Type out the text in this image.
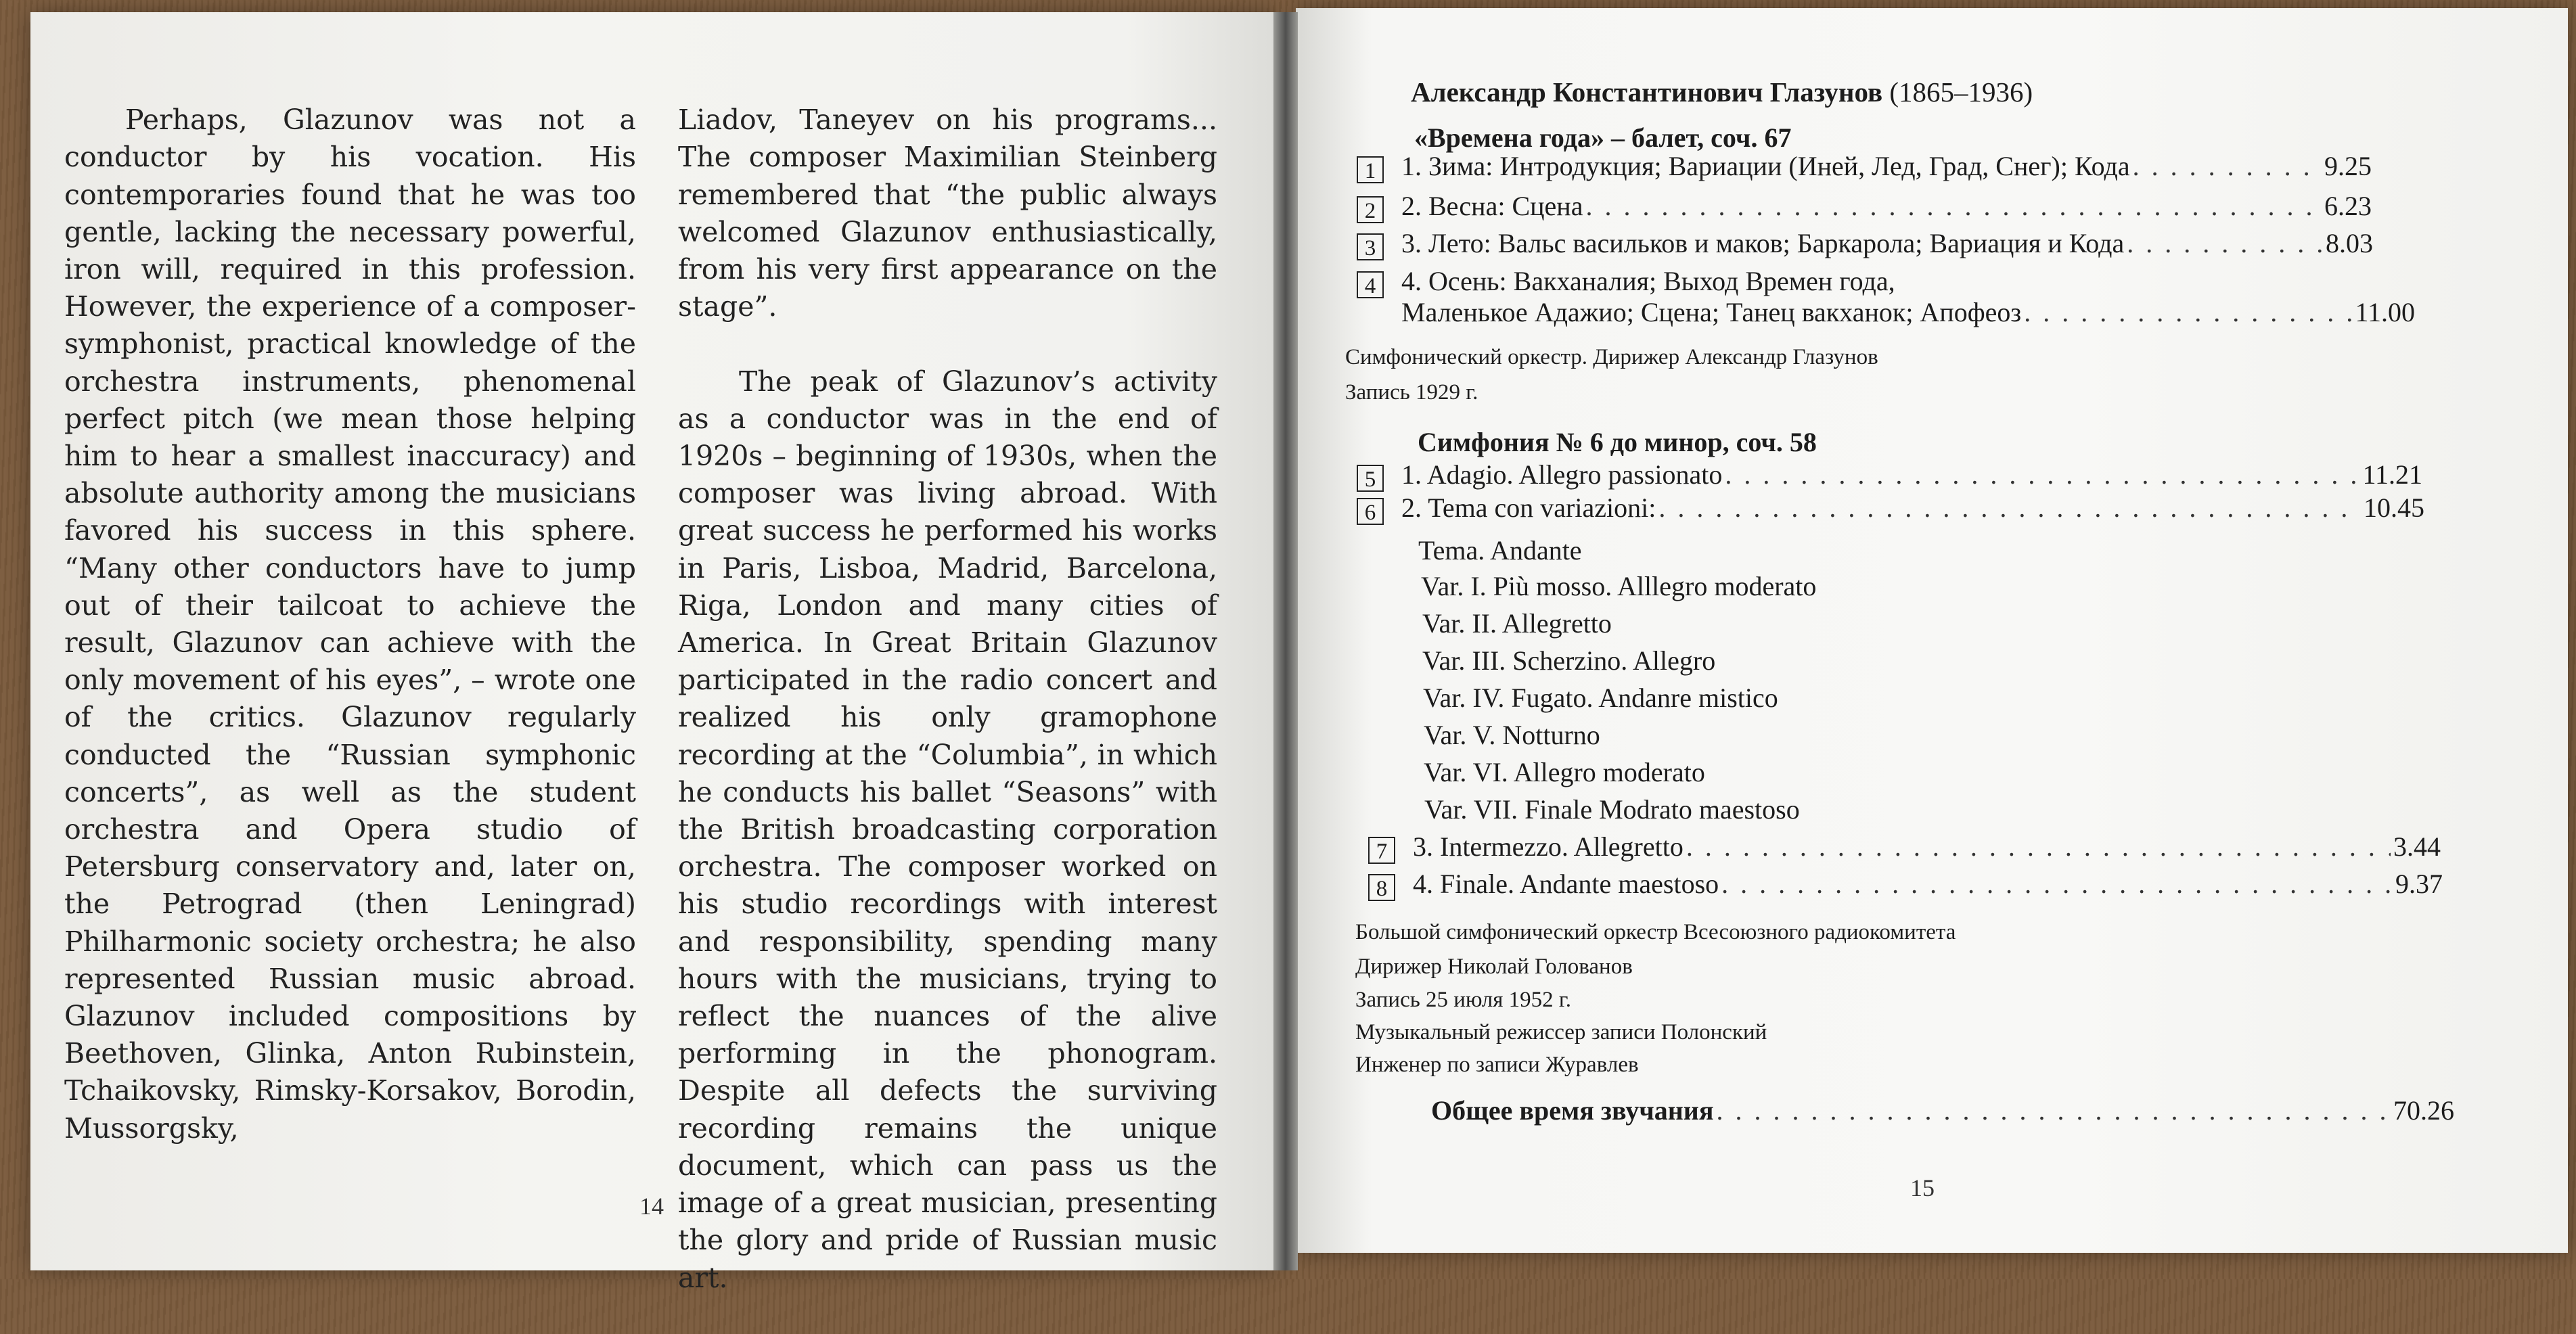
Perhaps, Glazunov was not a conductor by his vocation. His contemporaries found that he was too gentle, lacking the necessary powerful, iron will, required in this profession. However, the experience of a composer-symphonist, practical knowledge of the orchestra instruments, phenomenal perfect pitch (we mean those helping him to hear a smallest inaccuracy) and absolute authority among the musicians favored his success in this sphere. “Many other conductors have to jump out of their tailcoat to achieve the result, Glazunov can achieve with the only movement of his eyes”, – wrote one of the critics. Glazunov regularly conducted the “Russian symphonic concerts”, as well as the student orchestra and Opera studio of Petersburg conservatory and, later on, the Petrograd (then Leningrad) Philharmonic society orchestra; he also represented Russian music abroad. Glazunov included compositions by Beethoven, Glinka, Anton Rubinstein, Tchaikovsky, Rimsky-Korsakov, Borodin, Mussorgsky,

Liadov, Taneyev on his programs... The composer Maximilian Steinberg remembered that “the public always welcomed Glazunov enthusiastically, from his very first appearance on the stage”.

The peak of Glazunov’s activity as a conductor was in the end of 1920s – beginning of 1930s, when the composer was living abroad. With great success he performed his works in Paris, Lisboa, Madrid, Barcelona, Riga, London and many cities of America. In Great Britain Glazunov participated in the radio concert and realized his only gramophone recording at the “Columbia”, in which he conducts his ballet “Seasons” with the British broadcasting corporation orchestra. The composer worked on his studio recordings with interest and responsibility, spending many hours with the musicians, trying to reflect the nuances of the alive performing in the phonogram. Despite all defects the surviving recording remains the unique document, which can pass us the image of a great musician, presenting the glory and pride of Russian music art.

14
Александр Константинович Глазунов (1865–1936)
«Времена года» – балет, соч. 67
1 1. Зима: Интродукция; Вариации (Иней, Лед, Град, Снег); Кода . . .	9.25
2 2. Весна: Сцена . . .	6.23
3 3. Лето: Вальс васильков и маков; Баркарола; Вариация и Кода . . .	8.03
4 4. Осень: Вакханалия; Выход Времен года,
Маленькое Адажио; Сцена; Танец вакханок; Апофеоз . . .	11.00
Симфонический оркестр. Дирижер Александр Глазунов
Запись 1929 г.
Симфония № 6 до минор, соч. 58
5 1. Adagio. Allegro passionato . . .	11.21
6 2. Tema con variazioni: . . .	10.45
Tema. Andante
Var. I. Più mosso. Alllegro moderato
Var. II. Allegretto
Var. III. Scherzino. Allegro
Var. IV. Fugato. Andanre mistico
Var. V. Notturno
Var. VI. Allegro moderato
Var. VII. Finale Modrato maestoso
7 3. Intermezzo. Allegretto . . .	3.44
8 4. Finale. Andante maestoso . . .	9.37
Большой симфонический оркестр Всесоюзного радиокомитета
Дирижер Николай Голованов
Запись 25 июля 1952 г.
Музыкальный режиссер записи Полонский
Инженер по записи Журавлев
Общее время звучания . . .	70.26
15
